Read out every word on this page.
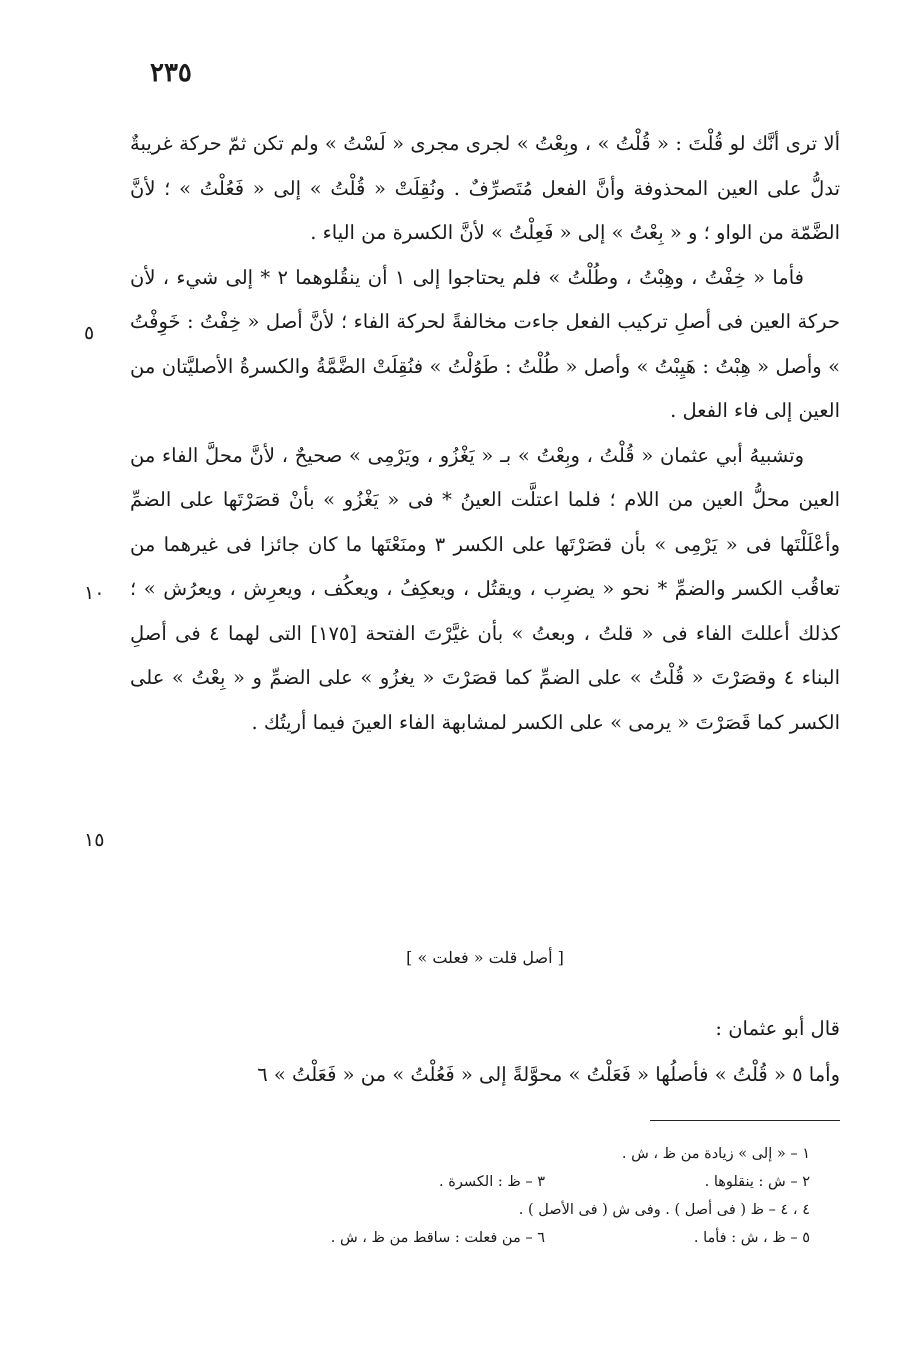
٢٣٥

ألا ترى أنَّك لو قُلْتَ : « قُلْتُ » ، وبِعْتُ » لجرى مجرى « لَسْتُ » ولم تكن ثمّ حركة غريبةٌ تدلُّ على العين المحذوفة وأنَّ الفعل مُتَصرِّفٌ . ونُقِلَتْ « قُلْتُ » إلى « فَعُلْتُ » ؛ لأنَّ الضَّمّة من الواو ؛ و « بِعْتُ » إلى « فَعِلْتُ » لأنَّ الكسرة من الياء .

فأما « خِفْتُ ، وهِبْتُ ، وطُلْتُ » فلم يحتاجوا إلى ١ أن ينقُلوهما ٢ * إلى شيء ، لأن حركة العين فى أصلِ تركيب الفعل جاءت مخالفةً لحركة الفاء ؛ لأنَّ أصل « خِفْتُ : خَوِفْتُ » وأصل « هِبْتُ : هَيِبْتُ » وأصل « طُلْتُ : طَوُلْتُ » فنُقِلَتْ الضَّمَّةُ والكسرةُ الأصليَّتان من العين إلى فاء الفعل .

وتشبيهُ أبي عثمان « قُلْتُ ، وبِعْتُ » بـ « يَغْزُو ، ويَرْمِى » صحيحٌ ، لأنَّ محلَّ الفاء من العين محلُّ العين من اللام ؛ فلما اعتلَّت العينُ * فى « يَغْزُو » بأنْ قصَرْتَها على الضمِّ وأعْلَلْتَها فى « يَرْمِى » بأن قصَرْتَها على الكسر ٣ ومنَعْتَها ما كان جائزا فى غيرهما من تعاقُب الكسر والضمِّ * نحو « يضرِب ، ويقتُل ، ويعكِفُ ، ويعكُف ، ويعرِش ، ويعرُش » ؛ كذلك أعللتَ الفاء فى « قلتُ ، وبعتُ » بأن غيَّرْتَ الفتحة [١٧٥] التى لهما ٤ فى أصلِ البناء ٤ وقصَرْتَ « قُلْتُ » على الضمِّ كما قصَرْتَ « يغزُو » على الضمِّ و « بِعْتُ » على الكسر كما قَصَرْتَ « يرمى » على الكسر لمشابهة الفاء العينَ فيما أريتُك .

٥
١٠
١٥
[ أصل قلت « فعلت » ]

قال أبو عثمان :

وأما ٥ « قُلْتُ » فأصلُها « فَعَلْتُ » محوَّلةً إلى « فَعُلْتُ » من « فَعَلْتُ » ٦

١ – « إلى » زيادة من ظ ، ش .
٢ – ش : ينقلوها .
٣ – ظ : الكسرة .
٤ ، ٤ – ظ ( فى أصل ) . وفى ش ( فى الأصل ) .
٥ – ظ ، ش : فأما .
٦ – من فعلت : ساقط من ظ ، ش .
